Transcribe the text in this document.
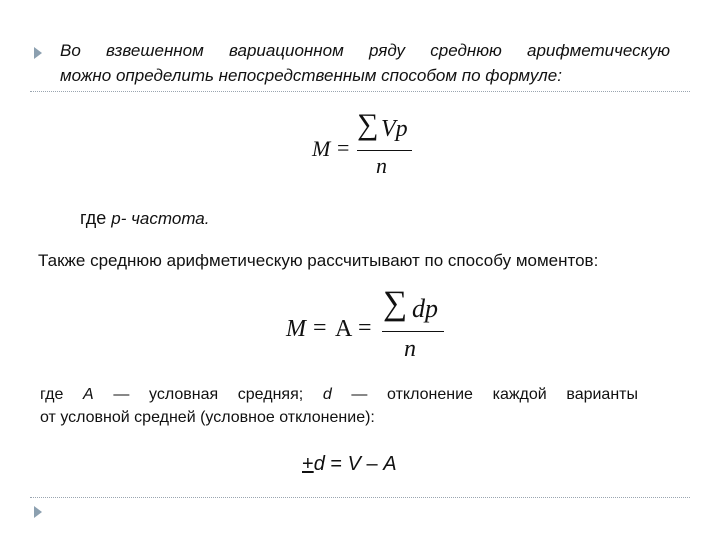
Во взвешенном вариационном ряду среднюю арифметическую
можно определить непосредственным способом по формуле:
M =
∑ Vp
n
где p- частота.
Также среднюю арифметическую рассчитывают по способу моментов:
M = A =
∑ dp
n
где А — условная средняя; d — отклонение каждой варианты
от условной средней (условное отклонение):
+d = V – A
